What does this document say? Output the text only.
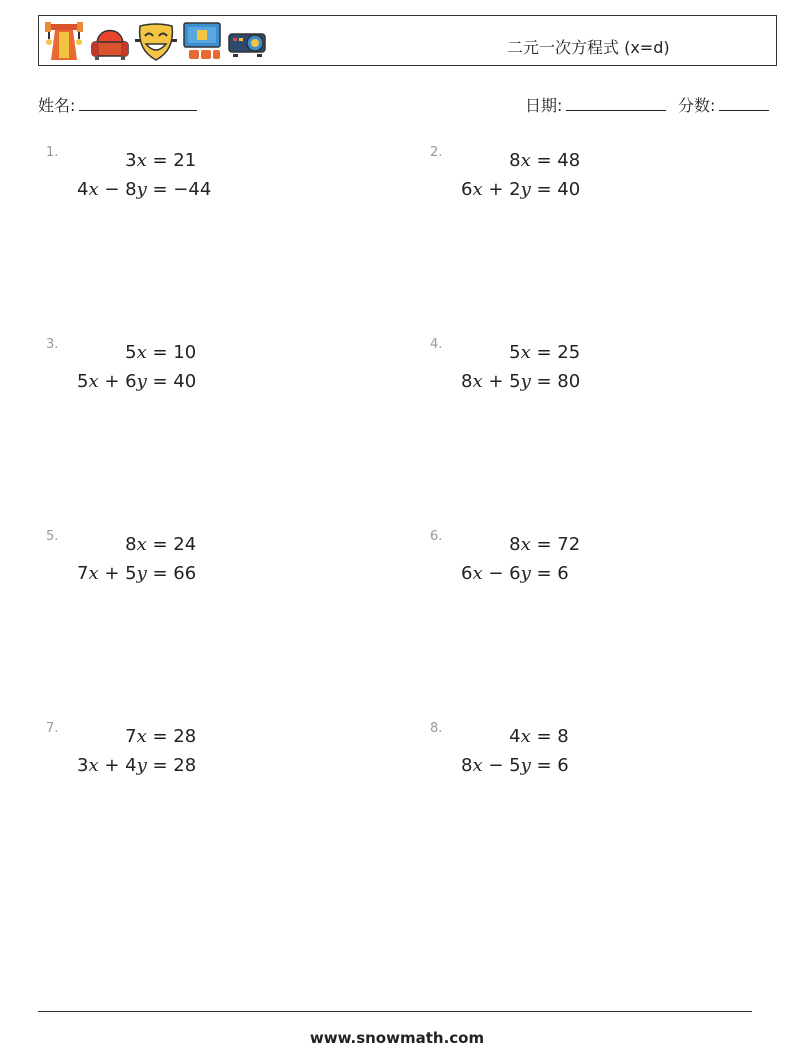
二元一次方程式 (x=d)
姓名:	日期:	分数:
1.	3x = 21
4x − 8y = −44
2.	8x = 48
6x + 2y = 40
3.	5x = 10
5x + 6y = 40
4.	5x = 25
8x + 5y = 80
5.	8x = 24
7x + 5y = 66
6.	8x = 72
6x − 6y = 6
7.	7x = 28
3x + 4y = 28
8.	4x = 8
8x − 5y = 6
www.snowmath.com
